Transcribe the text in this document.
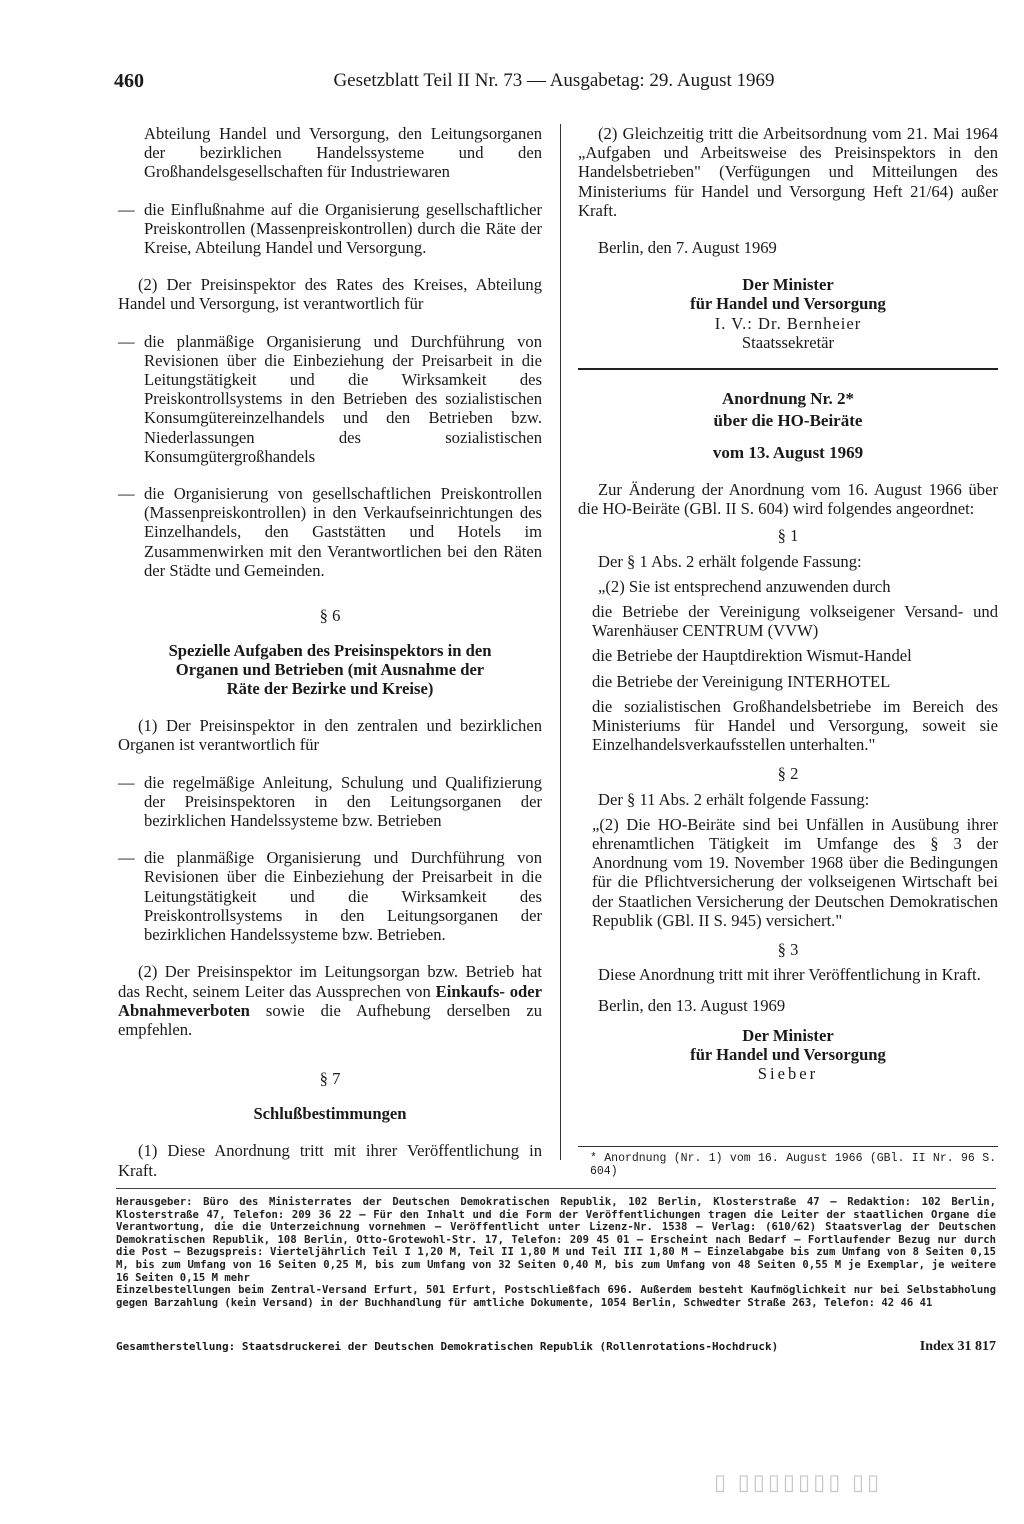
460	Gesetzblatt Teil II Nr. 73 — Ausgabetag: 29. August 1969

Abteilung Handel und Versorgung, den Leitungsorganen der bezirklichen Handelssysteme und den Großhandelsgesellschaften für Industriewaren

— die Einflußnahme auf die Organisierung gesellschaftlicher Preiskontrollen (Massenpreiskontrollen) durch die Räte der Kreise, Abteilung Handel und Versorgung.

(2) Der Preisinspektor des Rates des Kreises, Abteilung Handel und Versorgung, ist verantwortlich für

— die planmäßige Organisierung und Durchführung von Revisionen über die Einbeziehung der Preisarbeit in die Leitungstätigkeit und die Wirksamkeit des Preiskontrollsystems in den Betrieben des sozialistischen Konsumgütereinzelhandels und den Betrieben bzw. Niederlassungen des sozialistischen Konsumgütergroßhandels
— die Organisierung von gesellschaftlichen Preiskontrollen (Massenpreiskontrollen) in den Verkaufseinrichtungen des Einzelhandels, den Gaststätten und Hotels im Zusammenwirken mit den Verantwortlichen bei den Räten der Städte und Gemeinden.

§ 6

Spezielle Aufgaben des Preisinspektors in den Organen und Betrieben (mit Ausnahme der Räte der Bezirke und Kreise)

(1) Der Preisinspektor in den zentralen und bezirklichen Organen ist verantwortlich für

— die regelmäßige Anleitung, Schulung und Qualifizierung der Preisinspektoren in den Leitungsorganen der bezirklichen Handelssysteme bzw. Betrieben
— die planmäßige Organisierung und Durchführung von Revisionen über die Einbeziehung der Preisarbeit in die Leitungstätigkeit und die Wirksamkeit des Preiskontrollsystems in den Leitungsorganen der bezirklichen Handelssysteme bzw. Betrieben.

(2) Der Preisinspektor im Leitungsorgan bzw. Betrieb hat das Recht, seinem Leiter das Aussprechen von Einkaufs- oder Abnahmeverboten sowie die Aufhebung derselben zu empfehlen.

§ 7

Schlußbestimmungen

(1) Diese Anordnung tritt mit ihrer Veröffentlichung in Kraft.

(2) Gleichzeitig tritt die Arbeitsordnung vom 21. Mai 1964 „Aufgaben und Arbeitsweise des Preisinspektors in den Handelsbetrieben" (Verfügungen und Mitteilungen des Ministeriums für Handel und Versorgung Heft 21/64) außer Kraft.

Berlin, den 7. August 1969

Der Minister

für Handel und Versorgung

I. V.: Dr. Bernheier

Staatssekretär

Anordnung Nr. 2*

über die HO-Beiräte

vom 13. August 1969

Zur Änderung der Anordnung vom 16. August 1966 über die HO-Beiräte (GBl. II S. 604) wird folgendes angeordnet:

§ 1

Der § 1 Abs. 2 erhält folgende Fassung:

„(2) Sie ist entsprechend anzuwenden durch

die Betriebe der Vereinigung volkseigener Versand- und Warenhäuser CENTRUM (VVW)

die Betriebe der Hauptdirektion Wismut-Handel

die Betriebe der Vereinigung INTERHOTEL

die sozialistischen Großhandelsbetriebe im Bereich des Ministeriums für Handel und Versorgung, soweit sie Einzelhandelsverkaufsstellen unterhalten."

§ 2

Der § 11 Abs. 2 erhält folgende Fassung:

„(2) Die HO-Beiräte sind bei Unfällen in Ausübung ihrer ehrenamtlichen Tätigkeit im Umfange des § 3 der Anordnung vom 19. November 1968 über die Bedingungen für die Pflichtversicherung der volkseigenen Wirtschaft bei der Staatlichen Versicherung der Deutschen Demokratischen Republik (GBl. II S. 945) versichert."

§ 3

Diese Anordnung tritt mit ihrer Veröffentlichung in Kraft.

Berlin, den 13. August 1969

Der Minister

für Handel und Versorgung

Sieber

* Anordnung (Nr. 1) vom 16. August 1966 (GBl. II Nr. 96 S. 604)

Herausgeber: Büro des Ministerrates der Deutschen Demokratischen Republik, 102 Berlin, Klosterstraße 47 — Redaktion: 102 Berlin, Klosterstraße 47, Telefon: 209 36 22 — Für den Inhalt und die Form der Veröffentlichungen tragen die Leiter der staatlichen Organe die Verantwortung, die die Unterzeichnung vornehmen — Veröffentlicht unter Lizenz-Nr. 1538 — Verlag: (610/62) Staatsverlag der Deutschen Demokratischen Republik, 108 Berlin, Otto-Grotewohl-Str. 17, Telefon: 209 45 01 — Erscheint nach Bedarf — Fortlaufender Bezug nur durch die Post — Bezugspreis: Vierteljährlich Teil I 1,20 M, Teil II 1,80 M und Teil III 1,80 M — Einzelabgabe bis zum Umfang von 8 Seiten 0,15 M, bis zum Umfang von 16 Seiten 0,25 M, bis zum Umfang von 32 Seiten 0,40 M, bis zum Umfang von 48 Seiten 0,55 M je Exemplar, je weitere 16 Seiten 0,15 M mehr

Einzelbestellungen beim Zentral-Versand Erfurt, 501 Erfurt, Postschließfach 696. Außerdem besteht Kaufmöglichkeit nur bei Selbstabholung gegen Barzahlung (kein Versand) in der Buchhandlung für amtliche Dokumente, 1054 Berlin, Schwedter Straße 263, Telefon: 42 46 41

Gesamtherstellung: Staatsdruckerei der Deutschen Demokratischen Republik (Rollenrotations-Hochdruck)	Index 31 817
▯ ▯▯▯▯▯▯▯ ▯▯
